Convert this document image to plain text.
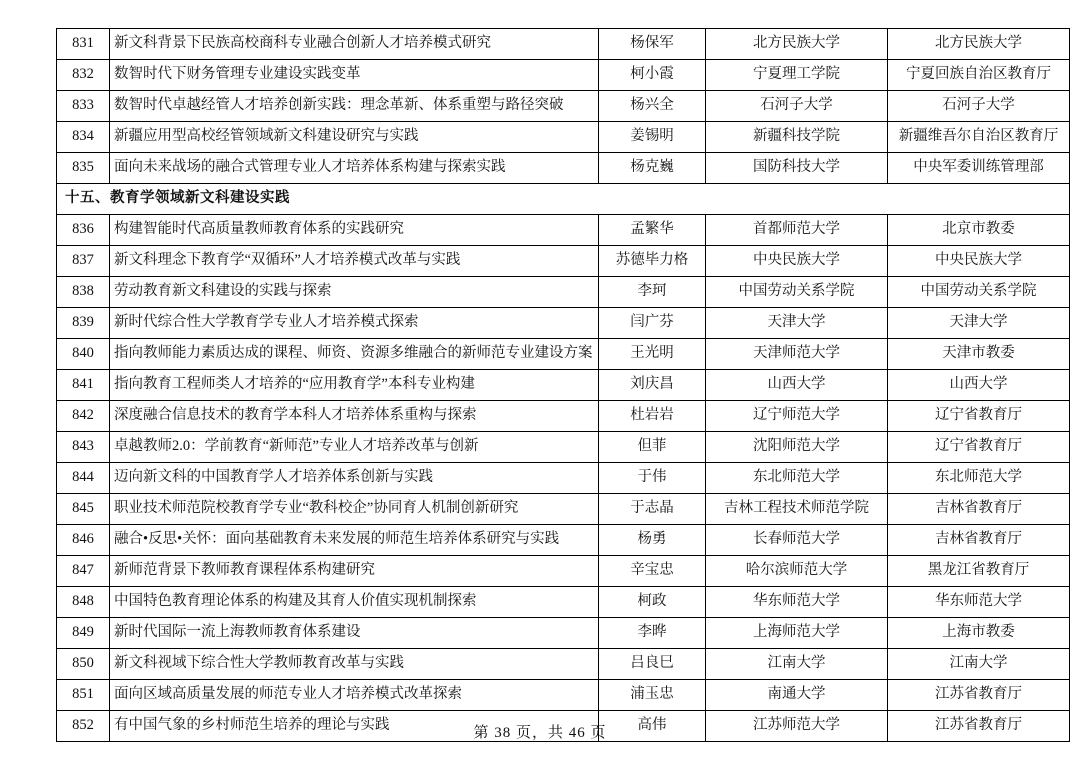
831	新文科背景下民族高校商科专业融合创新人才培养模式研究	杨保军	北方民族大学	北方民族大学
832	数智时代下财务管理专业建设实践变革	柯小霞	宁夏理工学院	宁夏回族自治区教育厅
833	数智时代卓越经管人才培养创新实践：理念革新、体系重塑与路径突破	杨兴全	石河子大学	石河子大学
834	新疆应用型高校经管领域新文科建设研究与实践	姜锡明	新疆科技学院	新疆维吾尔自治区教育厅
835	面向未来战场的融合式管理专业人才培养体系构建与探索实践	杨克巍	国防科技大学	中央军委训练管理部
十五、教育学领域新文科建设实践				
836	构建智能时代高质量教师教育体系的实践研究	孟繁华	首都师范大学	北京市教委
837	新文科理念下教育学“双循环”人才培养模式改革与实践	苏德毕力格	中央民族大学	中央民族大学
838	劳动教育新文科建设的实践与探索	李珂	中国劳动关系学院	中国劳动关系学院
839	新时代综合性大学教育学专业人才培养模式探索	闫广芬	天津大学	天津大学
840	指向教师能力素质达成的课程、师资、资源多维融合的新师范专业建设方案	王光明	天津师范大学	天津市教委
841	指向教育工程师类人才培养的“应用教育学”本科专业构建	刘庆昌	山西大学	山西大学
842	深度融合信息技术的教育学本科人才培养体系重构与探索	杜岩岩	辽宁师范大学	辽宁省教育厅
843	卓越教师2.0：学前教育“新师范”专业人才培养改革与创新	但菲	沈阳师范大学	辽宁省教育厅
844	迈向新文科的中国教育学人才培养体系创新与实践	于伟	东北师范大学	东北师范大学
845	职业技术师范院校教育学专业“教科校企”协同育人机制创新研究	于志晶	吉林工程技术师范学院	吉林省教育厅
846	融合•反思•关怀：面向基础教育未来发展的师范生培养体系研究与实践	杨勇	长春师范大学	吉林省教育厅
847	新师范背景下教师教育课程体系构建研究	辛宝忠	哈尔滨师范大学	黑龙江省教育厅
848	中国特色教育理论体系的构建及其育人价值实现机制探索	柯政	华东师范大学	华东师范大学
849	新时代国际一流上海教师教育体系建设	李晔	上海师范大学	上海市教委
850	新文科视域下综合性大学教师教育改革与实践	吕良巳	江南大学	江南大学
851	面向区域高质量发展的师范专业人才培养模式改革探索	浦玉忠	南通大学	江苏省教育厅
852	有中国气象的乡村师范生培养的理论与实践	高伟	江苏师范大学	江苏省教育厅
第 38 页，共 46 页
